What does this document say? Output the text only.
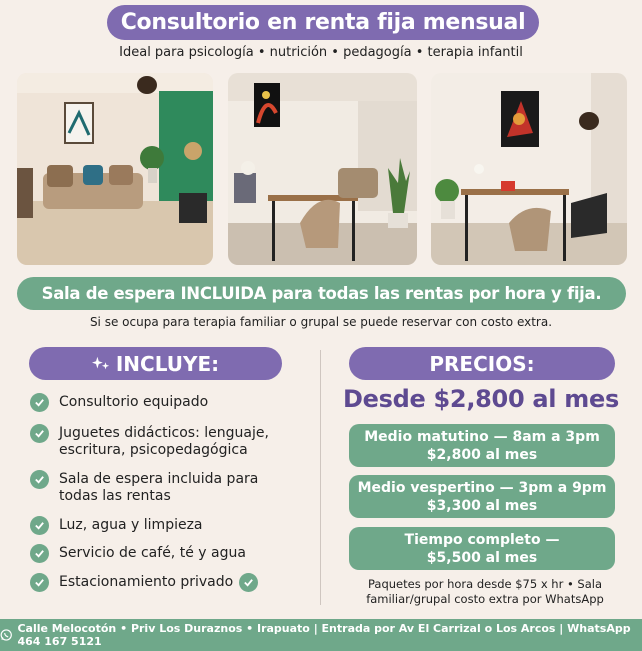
Consultorio en renta fija mensual
Ideal para psicología • nutrición • pedagogía • terapia infantil
Sala de espera INCLUIDA para todas las rentas por hora y fija.
Si se ocupa para terapia familiar o grupal se puede reservar con costo extra.
INCLUYE:
Consultorio equipado
Juguetes didácticos: lenguaje, escritura, psicopedagógica
Sala de espera incluida para todas las rentas
Luz, agua y limpieza
Servicio de café, té y agua
Estacionamiento privado
PRECIOS:
Desde $2,800 al mes
Medio matutino — 8am a 3pm
$2,800 al mes
Medio vespertino — 3pm a 9pm
$3,300 al mes
Tiempo completo —
$5,500 al mes
Paquetes por hora desde $75 x hr • Sala familiar/grupal costo extra por WhatsApp
Calle Melocotón • Priv Los Duraznos • Irapuato | Entrada por Av El Carrizal o Los Arcos | WhatsApp 464 167 5121
